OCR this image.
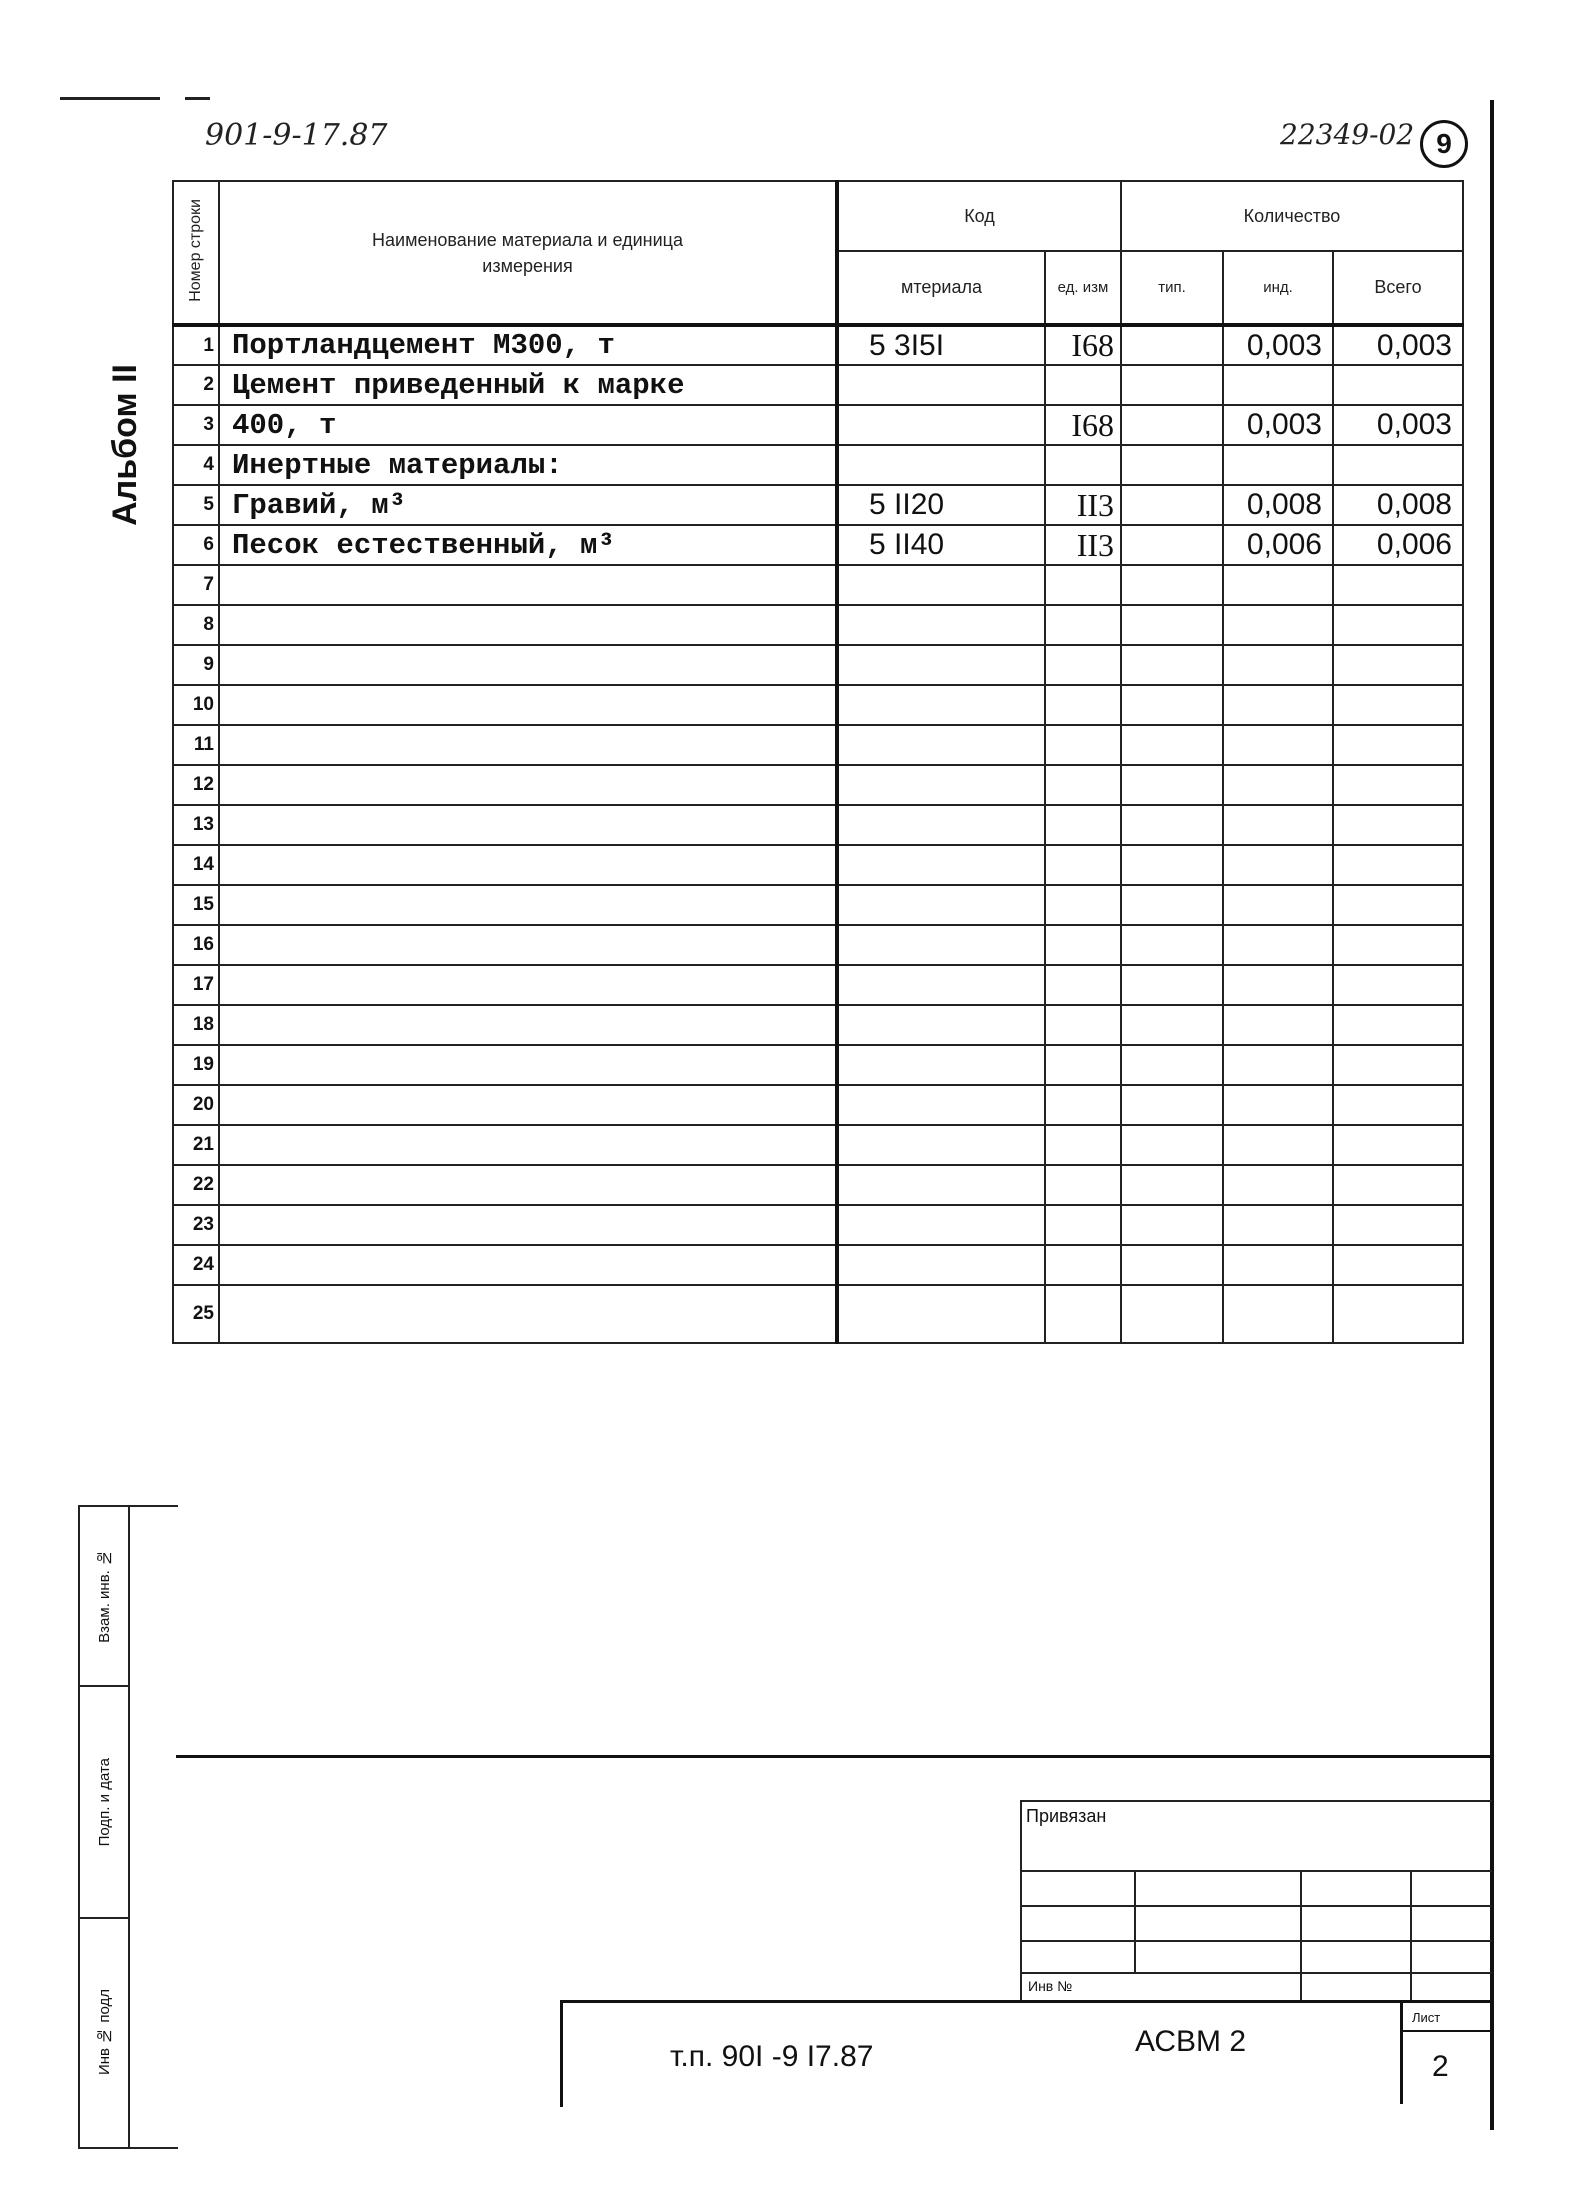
901-9-17.87	22349-02 9
Альбом II
Номер строки	Наименование материала и единица измерения	Код		Количество		
		мтериала	ед. изм	тип.	инд.	Всего
1	Портландцемент М300, т	5 3I5I	I68		0,003	0,003
2	Цемент приведенный к марке					
3	400, т		I68		0,003	0,003
4	Инертные материалы:					
5	Гравий, м³	5 II20	II3		0,008	0,008
6	Песок естественный, м³	5 II40	II3		0,006	0,006
7						
8						
9						
10						
11						
12						
13						
14						
15						
16						
17						
18						
19						
20						
21						
22						
23						
24						
25						
Взам. инв. №
Подп. и дата
Инв № подл
Привязан
Инв №
т.п. 90I -9 I7.87	АСВМ 2
Лист
2
